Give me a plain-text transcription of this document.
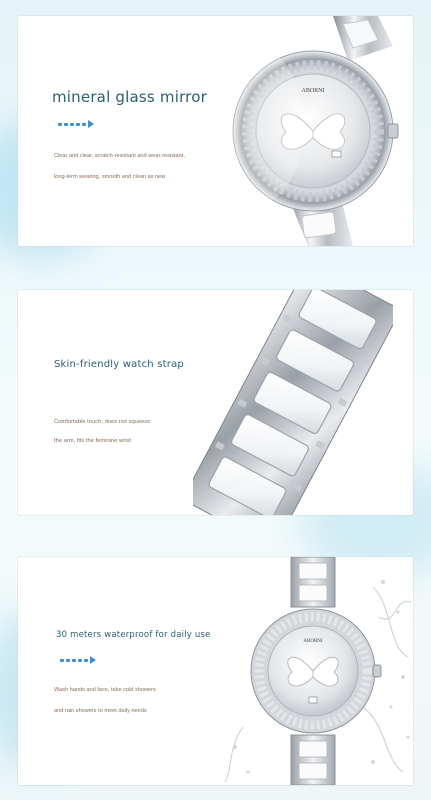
mineral glass mirror
Clear and clear, scratch-resistant and wear-resistant,
long-term wearing, smooth and clean as new
ABORNI
Skin-friendly watch strap
Comfortable touch, does not squeeze
the arm, fits the feminine wrist
30 meters waterproof for daily use
Wash hands and face, take cold showers
and rain showers to meet daily needs
ABORNI
